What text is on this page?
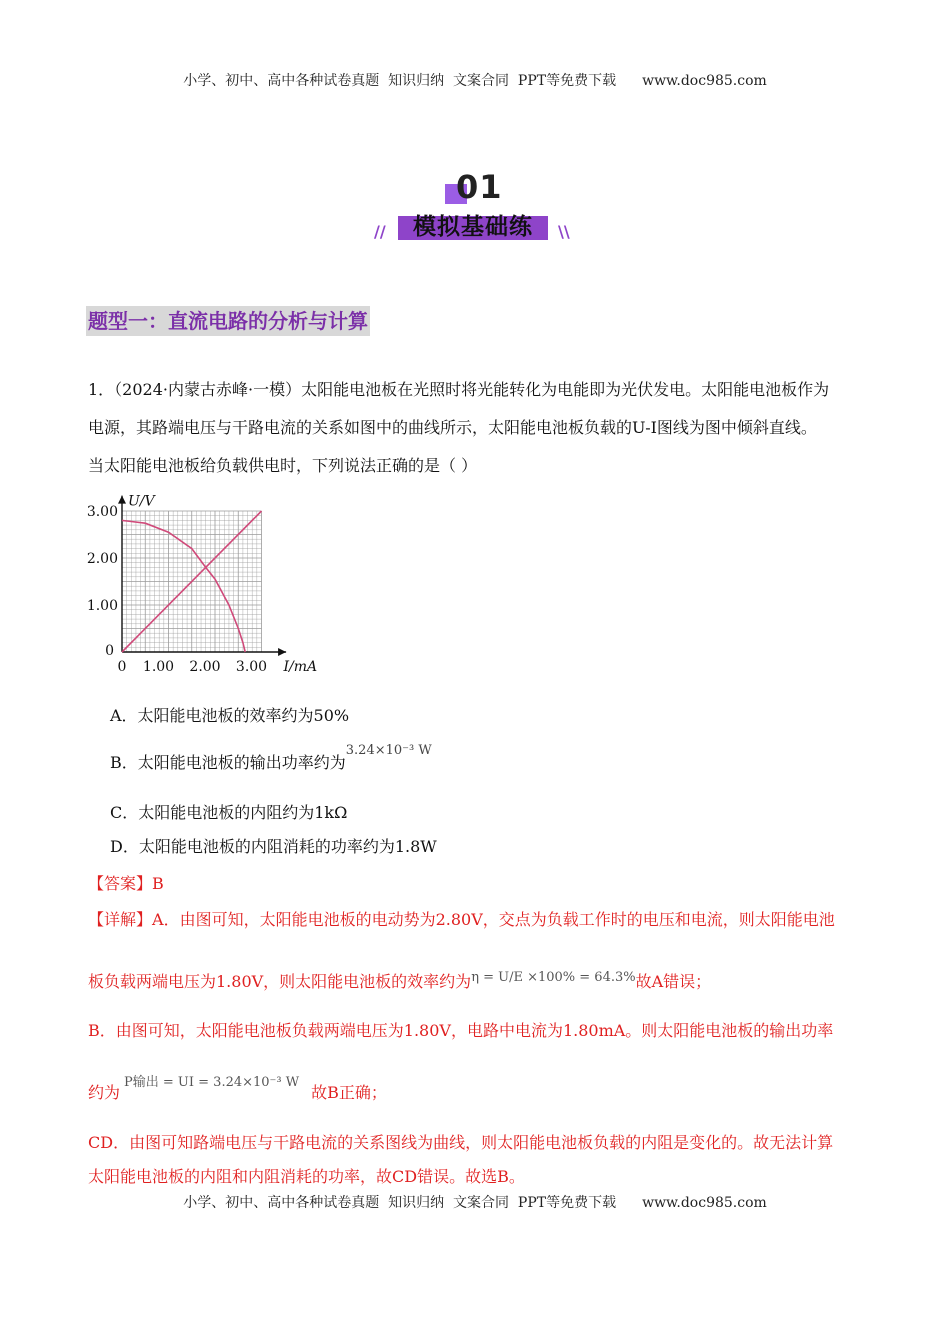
小学、初中、高中各种试卷真题  知识归纳  文案合同  PPT等免费下载 www.doc985.com
01
模拟基础练
//	\\
题型一：直流电路的分析与计算

1．（2024·内蒙古赤峰·一模）太阳能电池板在光照时将光能转化为电能即为光伏发电。太阳能电池板作为

电源，其路端电压与干路电流的关系如图中的曲线所示，太阳能电池板负载的U-I图线为图中倾斜直线。

当太阳能电池板给负载供电时，下列说法正确的是（ ）

1.00
2.00
3.00
0 1.00 2.00 3.00
0
U/V
I/mA
A．太阳能电池板的效率约为50%
B．太阳能电池板的输出功率约为$^{3.24\times 10^{-3} W}$
C．太阳能电池板的内阻约为1kΩ
D．太阳能电池板的内阻消耗的功率约为1.8W
【答案】B
【详解】A．由图可知，太阳能电池板的电动势为2.80V，交点为负载工作时的电压和电流，则太阳能电池
板负载两端电压为1.80V，则太阳能电池板的效率约为$^{\eta = U/E \times 100\% = 64.3\%}$故A错误；
B．由图可知，太阳能电池板负载两端电压为1.80V，电路中电流为1.80mA。则太阳能电池板的输出功率
约为$^{P输出 = UI = 3.24\times 10^{-3} W}$故B正确；
CD．由图可知路端电压与干路电流的关系图线为曲线，则太阳能电池板负载的内阻是变化的。故无法计算
太阳能电池板的内阻和内阻消耗的功率，故CD错误。故选B。
小学、初中、高中各种试卷真题  知识归纳  文案合同  PPT等免费下载 www.doc985.com
